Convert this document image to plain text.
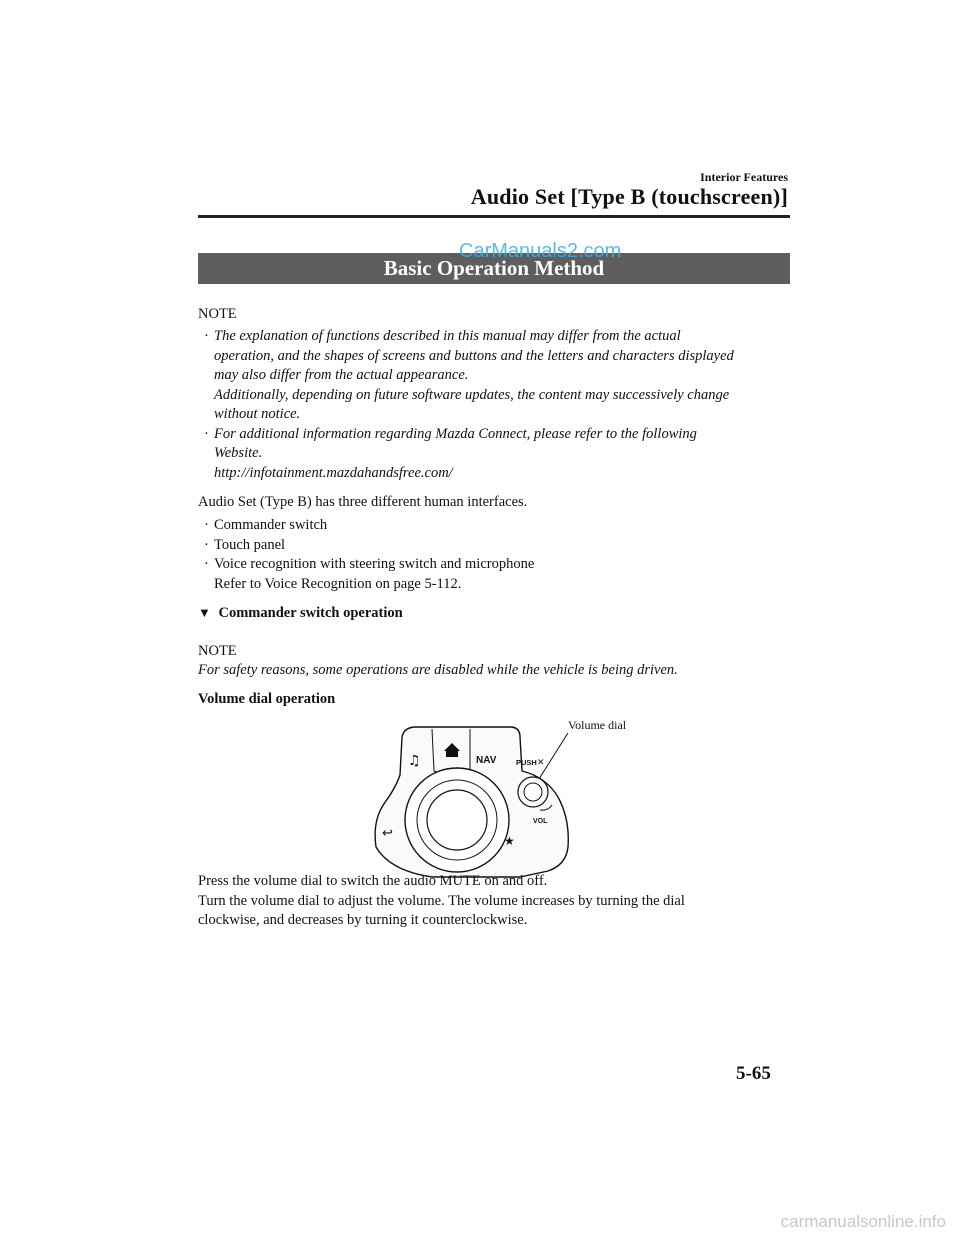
Interior Features
Audio Set [Type B (touchscreen)]
Basic Operation Method
CarManuals2.com
NOTE
· The explanation of functions described in this manual may differ from the actual
operation, and the shapes of screens and buttons and the letters and characters displayed
may also differ from the actual appearance.
Additionally, depending on future software updates, the content may successively change
without notice.
· For additional information regarding Mazda Connect, please refer to the following
Website.
http://infotainment.mazdahandsfree.com/
Audio Set (Type B) has three different human interfaces.
· Commander switch
· Touch panel
· Voice recognition with steering switch and microphone
Refer to Voice Recognition on page 5-112.
▼ Commander switch operation
NOTE
For safety reasons, some operations are disabled while the vehicle is being driven.
Volume dial operation
Volume dial
♫	NAV	PUSH ✕
VOL
↩	★
Press the volume dial to switch the audio MUTE on and off.
Turn the volume dial to adjust the volume. The volume increases by turning the dial
clockwise, and decreases by turning it counterclockwise.
5-65
carmanualsonline.info
